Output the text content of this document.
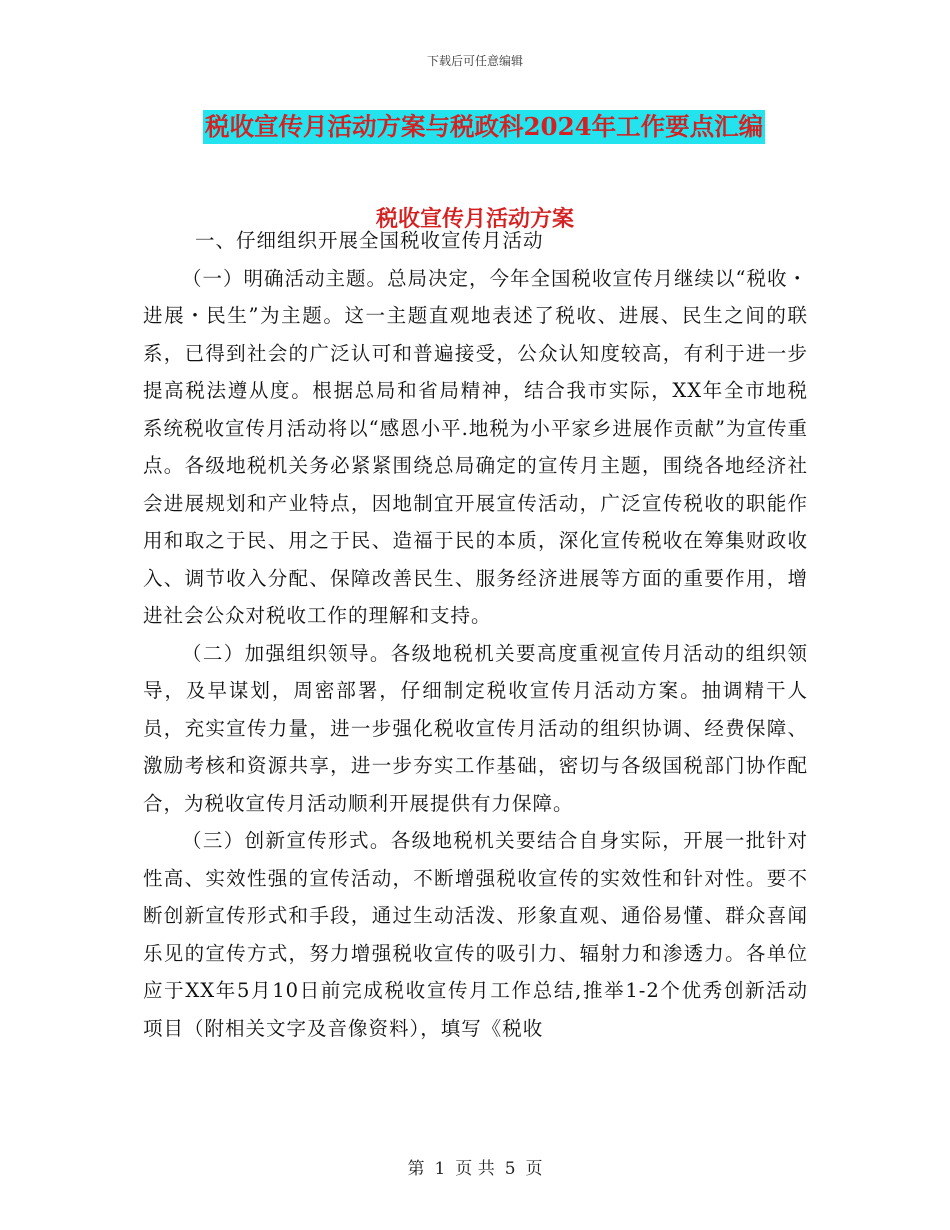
下载后可任意编辑
税收宣传月活动方案与税政科2024年工作要点汇编
税收宣传月活动方案

一、仔细组织开展全国税收宣传月活动

（一）明确活动主题。总局决定，今年全国税收宣传月继续以“税收・进展・民生”为主题。这一主题直观地表述了税收、进展、民生之间的联系，已得到社会的广泛认可和普遍接受，公众认知度较高，有利于进一步提高税法遵从度。根据总局和省局精神，结合我市实际，XX年全市地税系统税收宣传月活动将以“感恩小平.地税为小平家乡进展作贡献”为宣传重点。各级地税机关务必紧紧围绕总局确定的宣传月主题，围绕各地经济社会进展规划和产业特点，因地制宜开展宣传活动，广泛宣传税收的职能作用和取之于民、用之于民、造福于民的本质，深化宣传税收在筹集财政收入、调节收入分配、保障改善民生、服务经济进展等方面的重要作用，增进社会公众对税收工作的理解和支持。

（二）加强组织领导。各级地税机关要高度重视宣传月活动的组织领导，及早谋划，周密部署，仔细制定税收宣传月活动方案。抽调精干人员，充实宣传力量，进一步强化税收宣传月活动的组织协调、经费保障、激励考核和资源共享，进一步夯实工作基础，密切与各级国税部门协作配合，为税收宣传月活动顺利开展提供有力保障。

（三）创新宣传形式。各级地税机关要结合自身实际，开展一批针对性高、实效性强的宣传活动，不断增强税收宣传的实效性和针对性。要不断创新宣传形式和手段，通过生动活泼、形象直观、通俗易懂、群众喜闻乐见的宣传方式，努力增强税收宣传的吸引力、辐射力和渗透力。各单位应于XX年5月10日前完成税收宣传月工作总结,推举1-2个优秀创新活动项目（附相关文字及音像资料），填写《税收

第 1 页 共 5 页
